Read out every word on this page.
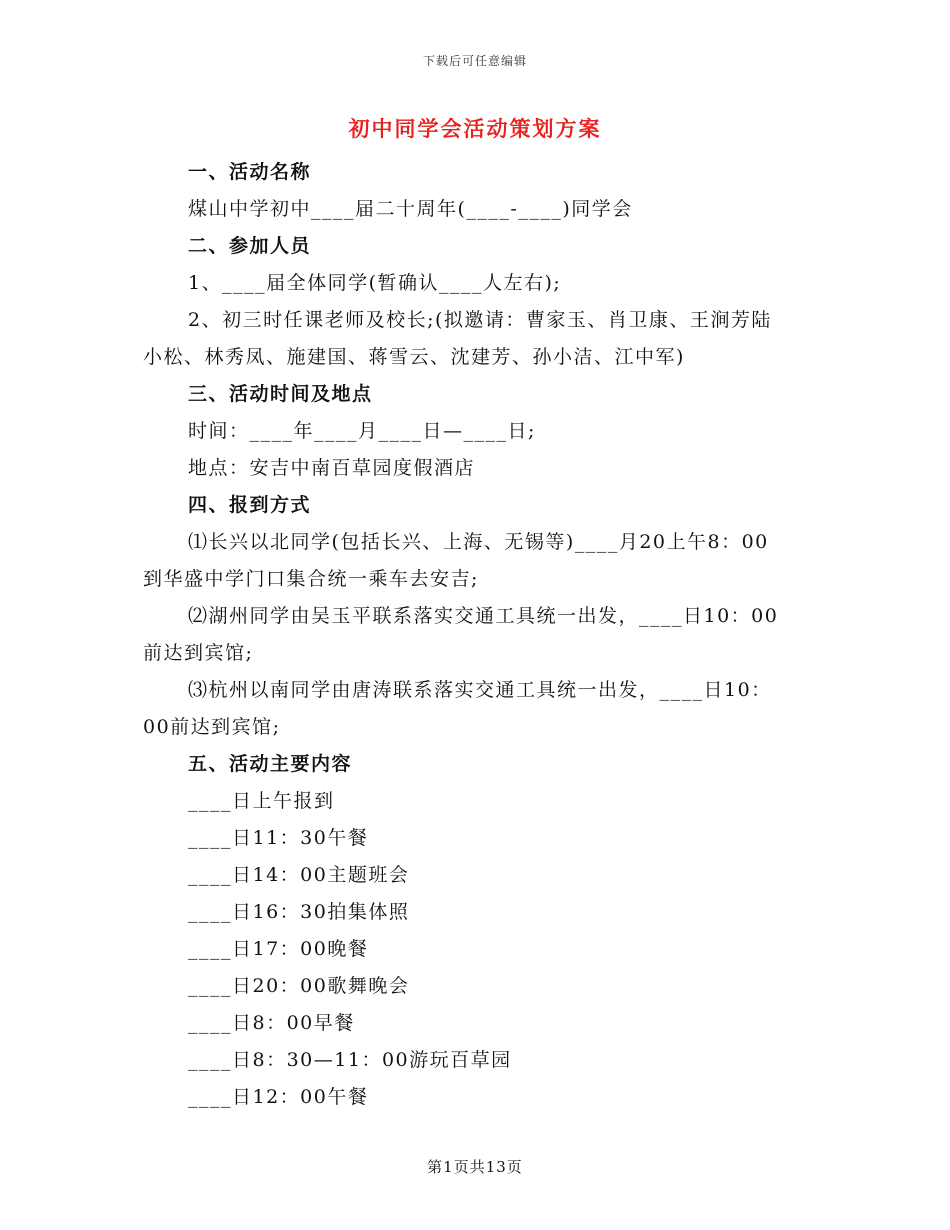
下载后可任意编辑
初中同学会活动策划方案
一、活动名称
煤山中学初中____届二十周年(____-____)同学会
二、参加人员
1、____届全体同学(暂确认____人左右);
2、初三时任课老师及校长;(拟邀请：曹家玉、肖卫康、王涧芳陆
小松、林秀凤、施建国、蒋雪云、沈建芳、孙小洁、江中军)
三、活动时间及地点
时间：____年____月____日—____日;
地点：安吉中南百草园度假酒店
四、报到方式
⑴长兴以北同学(包括长兴、上海、无锡等)____月20上午8：00
到华盛中学门口集合统一乘车去安吉;
⑵湖州同学由吴玉平联系落实交通工具统一出发，____日10：00
前达到宾馆;
⑶杭州以南同学由唐涛联系落实交通工具统一出发，____日10：
00前达到宾馆;
五、活动主要内容
____日上午报到
____日11：30午餐
____日14：00主题班会
____日16：30拍集体照
____日17：00晚餐
____日20：00歌舞晚会
____日8：00早餐
____日8：30—11：00游玩百草园
____日12：00午餐
第1页共13页
